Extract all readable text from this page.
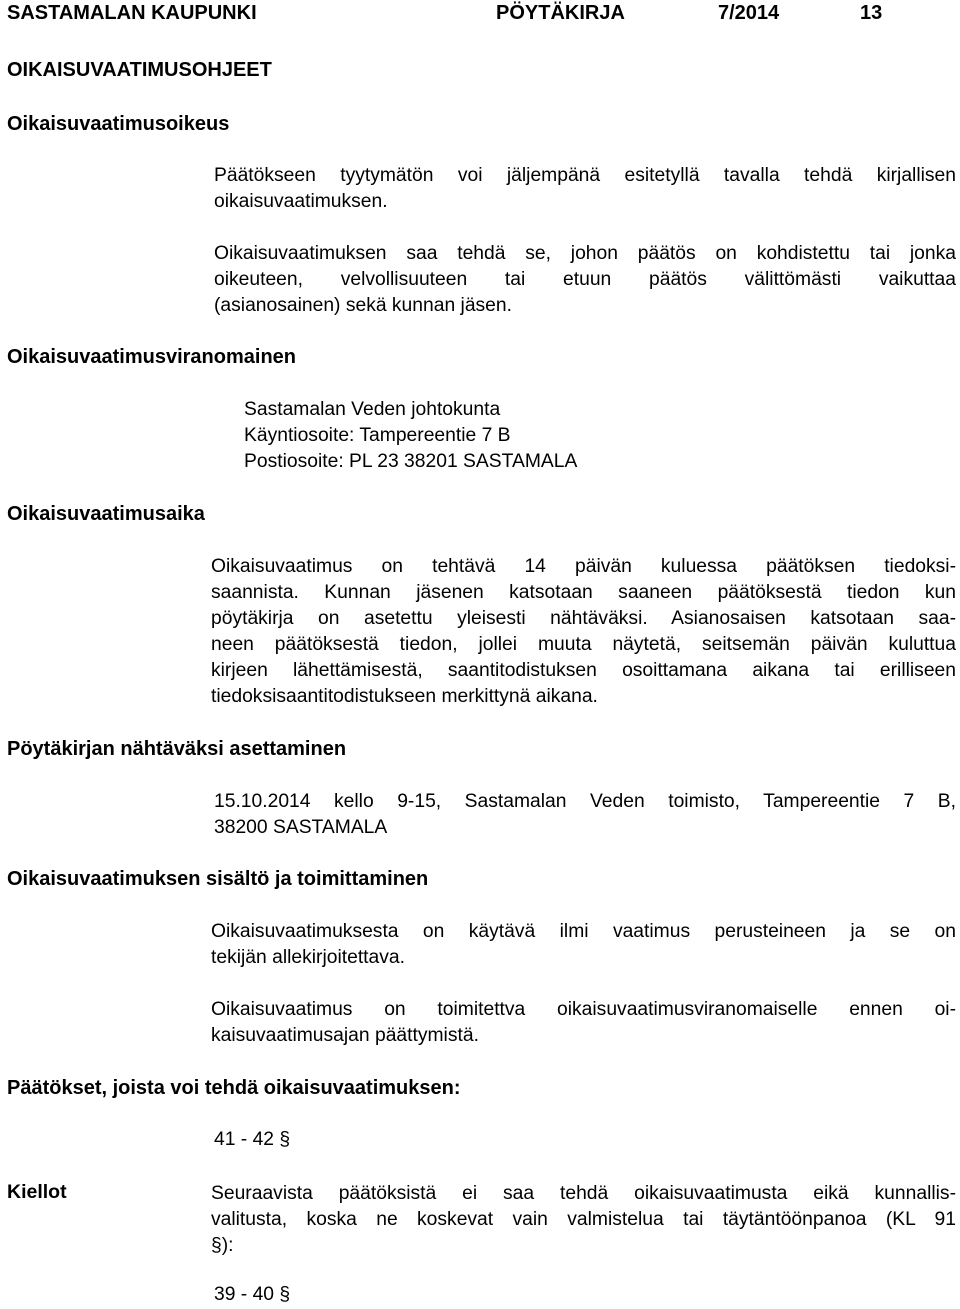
SASTAMALAN KAUPUNKI	PÖYTÄKIRJA	7/2014	13
OIKAISUVAATIMUSOHJEET
Oikaisuvaatimusoikeus
Päätökseen tyytymätön voi jäljempänä esitetyllä tavalla tehdä kirjallisen
oikaisuvaatimuksen.
Oikaisuvaatimuksen saa tehdä se, johon päätös on kohdistettu tai jonka
oikeuteen, velvollisuuteen tai etuun päätös välittömästi vaikuttaa
(asianosainen) sekä kunnan jäsen.
Oikaisuvaatimusviranomainen
Sastamalan Veden johtokunta
Käyntiosoite: Tampereentie 7 B
Postiosoite: PL 23 38201 SASTAMALA
Oikaisuvaatimusaika
Oikaisuvaatimus on tehtävä 14 päivän kuluessa päätöksen tiedoksi-
saannista. Kunnan jäsenen katsotaan saaneen päätöksestä tiedon kun
pöytäkirja on asetettu yleisesti nähtäväksi. Asianosaisen katsotaan saa-
neen päätöksestä tiedon, jollei muuta näytetä, seitsemän päivän kuluttua
kirjeen lähettämisestä, saantitodistuksen osoittamana aikana tai erilliseen
tiedoksisaantitodistukseen merkittynä aikana.
Pöytäkirjan nähtäväksi asettaminen
15.10.2014 kello 9-15, Sastamalan Veden toimisto, Tampereentie 7 B,
38200 SASTAMALA
Oikaisuvaatimuksen sisältö ja toimittaminen
Oikaisuvaatimuksesta on käytävä ilmi vaatimus perusteineen ja se on
tekijän allekirjoitettava.
Oikaisuvaatimus on toimitettva oikaisuvaatimusviranomaiselle ennen oi-
kaisuvaatimusajan päättymistä.
Päätökset, joista voi tehdä oikaisuvaatimuksen:
41 - 42 §
Kiellot	Seuraavista päätöksistä ei saa tehdä oikaisuvaatimusta eikä kunnallis-
valitusta, koska ne koskevat vain valmistelua tai täytäntöönpanoa (KL 91
§):
39 - 40 §
